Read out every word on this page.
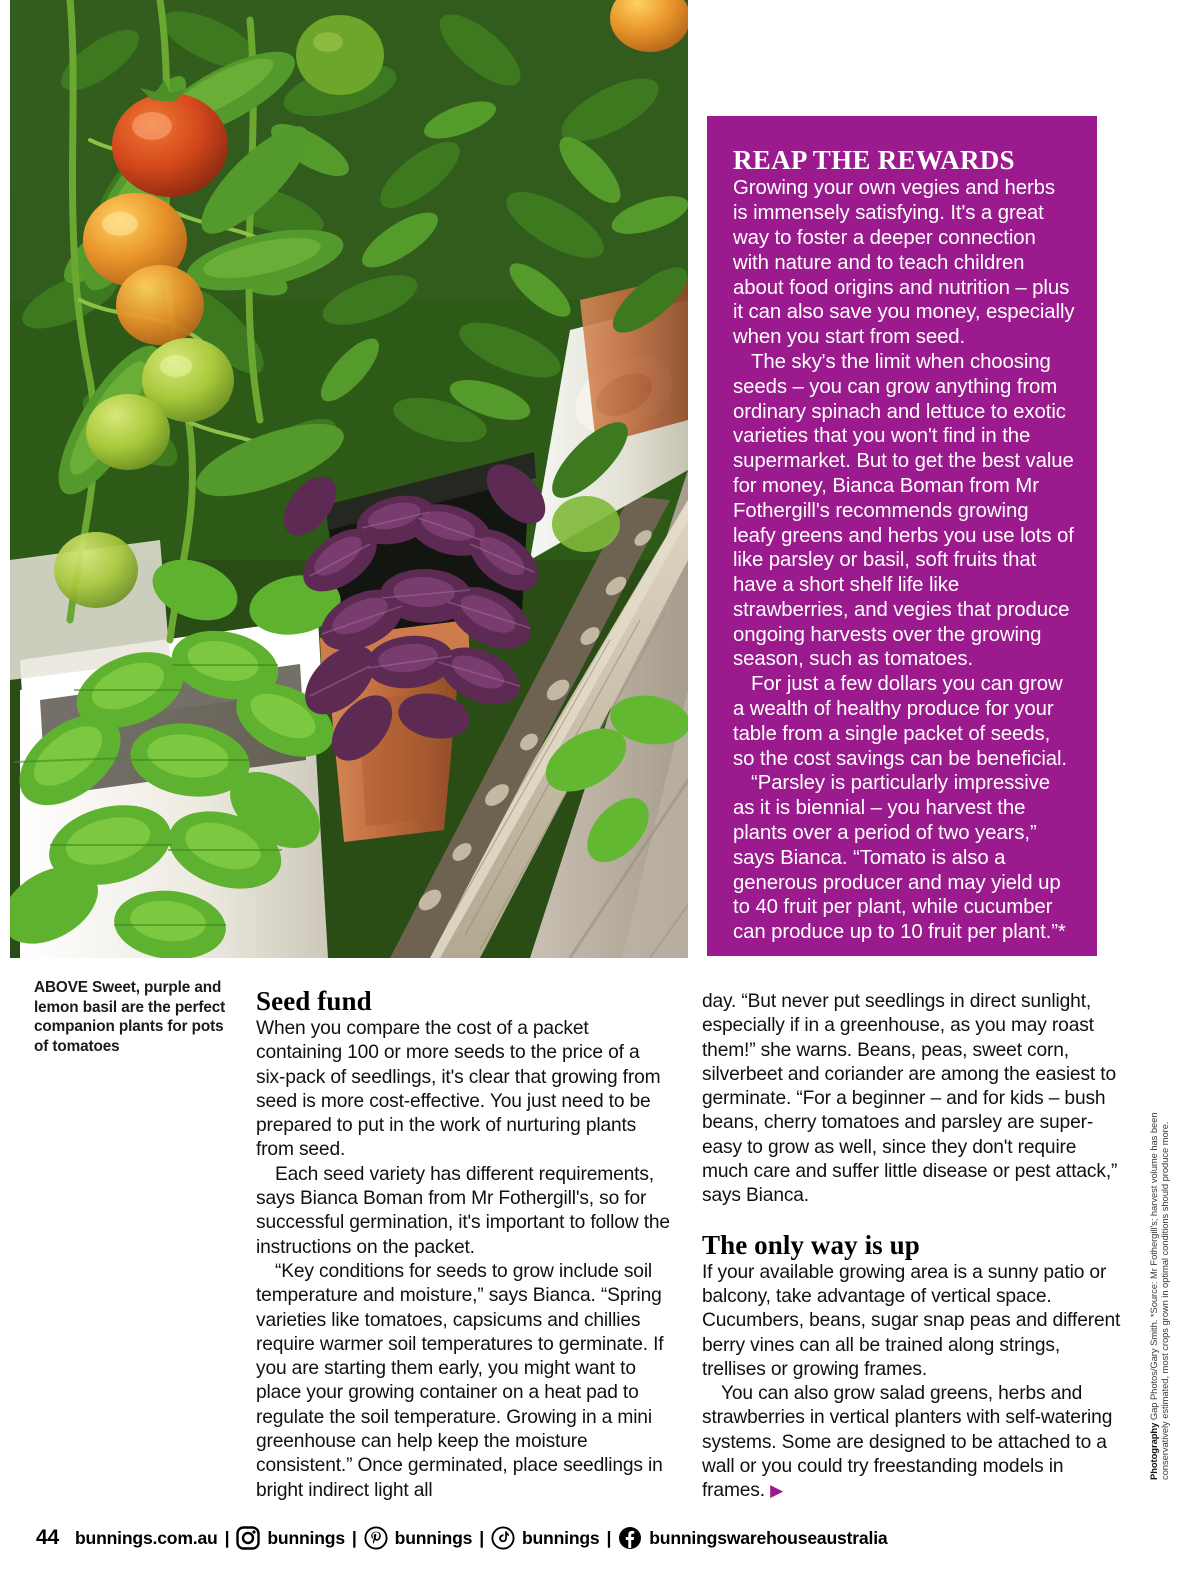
REAP THE REWARDS

Growing your own vegies and herbs is immensely satisfying. It's a great way to foster a deeper connection with nature and to teach children about food origins and nutrition – plus it can also save you money, especially when you start from seed.

The sky's the limit when choosing seeds – you can grow anything from ordinary spinach and lettuce to exotic varieties that you won't find in the supermarket. But to get the best value for money, Bianca Boman from Mr Fothergill's recommends growing leafy greens and herbs you use lots of like parsley or basil, soft fruits that have a short shelf life like strawberries, and vegies that produce ongoing harvests over the growing season, such as tomatoes.

For just a few dollars you can grow a wealth of healthy produce for your table from a single packet of seeds, so the cost savings can be beneficial.

“Parsley is particularly impressive as it is biennial – you harvest the plants over a period of two years,” says Bianca. “Tomato is also a generous producer and may yield up to 40 fruit per plant, while cucumber can produce up to 10 fruit per plant.”*

ABOVE Sweet, purple and lemon basil are the perfect companion plants for pots of tomatoes
Seed fund

When you compare the cost of a packet containing 100 or more seeds to the price of a six-pack of seedlings, it's clear that growing from seed is more cost-effective. You just need to be prepared to put in the work of nurturing plants from seed.

Each seed variety has different requirements, says Bianca Boman from Mr Fothergill's, so for successful germination, it's important to follow the instructions on the packet.

“Key conditions for seeds to grow include soil temperature and moisture,” says Bianca. “Spring varieties like tomatoes, capsicums and chillies require warmer soil temperatures to germinate. If you are starting them early, you might want to place your growing container on a heat pad to regulate the soil temperature. Growing in a mini greenhouse can help keep the moisture consistent.” Once germinated, place seedlings in bright indirect light all

day. “But never put seedlings in direct sunlight, especially if in a greenhouse, as you may roast them!” she warns. Beans, peas, sweet corn, silverbeet and coriander are among the easiest to germinate. “For a beginner – and for kids – bush beans, cherry tomatoes and parsley are super-easy to grow as well, since they don't require much care and suffer little disease or pest attack,” says Bianca.

The only way is up

If your available growing area is a sunny patio or balcony, take advantage of vertical space. Cucumbers, beans, sugar snap peas and different berry vines can all be trained along strings, trellises or growing frames.

You can also grow salad greens, herbs and strawberries in vertical planters with self-watering systems. Some are designed to be attached to a wall or you could try freestanding models in frames. ▶

Photography Gap Photos/Gary Smith. *Source: Mr Fothergill's; harvest volume has been conservatively estimated, most crops grown in optimal conditions should produce more.
44 bunnings.com.au | bunnings | bunnings | bunnings | bunningswarehouseaustralia
